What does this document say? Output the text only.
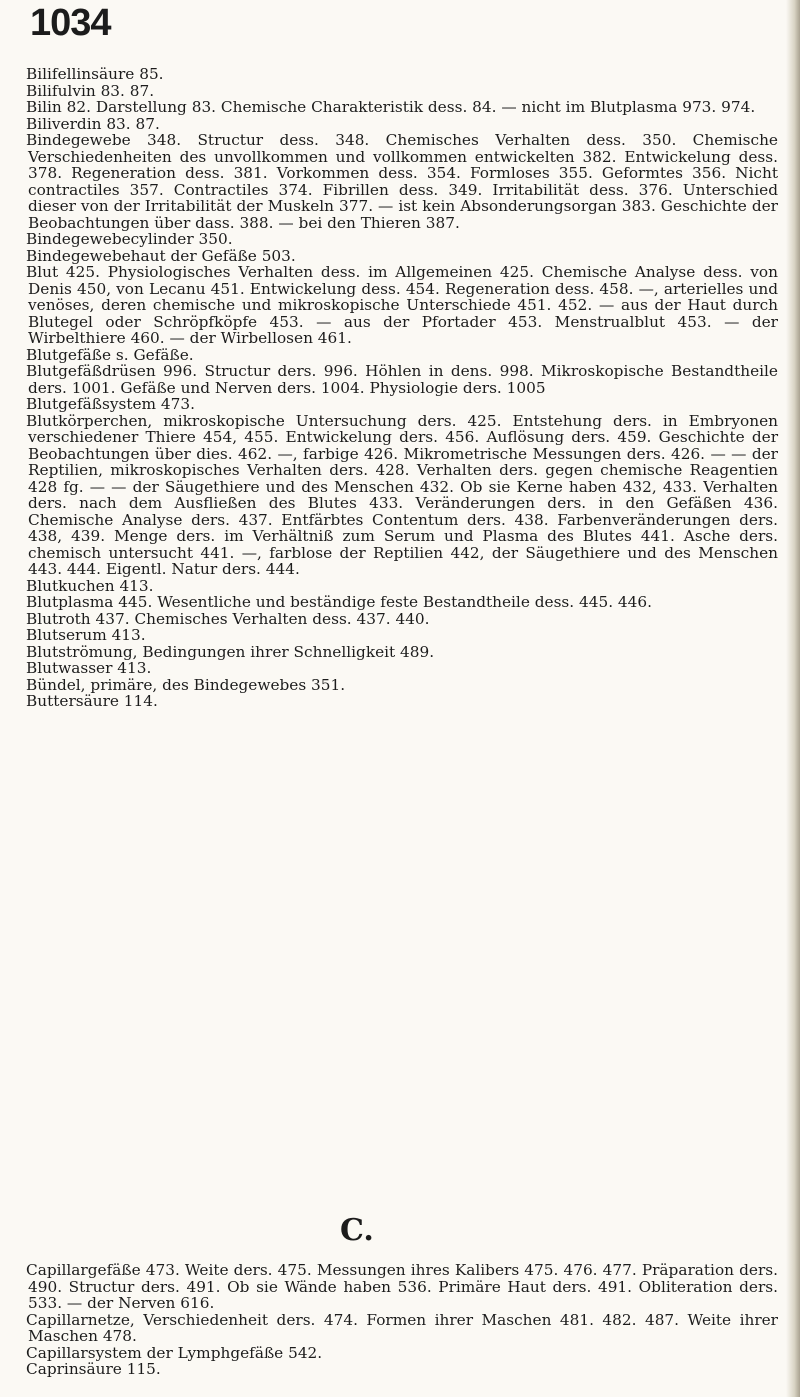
1034
Bilifellinsäure 85.
Bilifulvin 83. 87.
Bilin 82. Darstellung 83. Chemische Charakteristik dess. 84. — nicht im Blutplasma 973. 974.
Biliverdin 83. 87.
Bindegewebe 348. Structur dess. 348. Chemisches Verhalten dess. 350. Chemische Verschiedenheiten des unvollkommen und vollkommen entwickelten 382. Entwickelung dess. 378. Regeneration dess. 381. Vorkommen dess. 354. Formloses 355. Geformtes 356. Nicht contractiles 357. Contractiles 374. Fibrillen dess. 349. Irritabilität dess. 376. Unterschied dieser von der Irritabilität der Muskeln 377. — ist kein Absonderungsorgan 383. Geschichte der Beobachtungen über dass. 388. — bei den Thieren 387.
Bindegewebecylinder 350.
Bindegewebehaut der Gefäße 503.
Blut 425. Physiologisches Verhalten dess. im Allgemeinen 425. Chemische Analyse dess. von Denis 450, von Lecanu 451. Entwickelung dess. 454. Regeneration dess. 458. —, arterielles und venöses, deren chemische und mikroskopische Unterschiede 451. 452. — aus der Haut durch Blutegel oder Schröpfköpfe 453. — aus der Pfortader 453. Menstrualblut 453. — der Wirbelthiere 460. — der Wirbellosen 461.
Blutgefäße s. Gefäße.
Blutgefäßdrüsen 996. Structur ders. 996. Höhlen in dens. 998. Mikroskopische Bestandtheile ders. 1001. Gefäße und Nerven ders. 1004. Physiologie ders. 1005
Blutgefäßsystem 473.
Blutkörperchen, mikroskopische Untersuchung ders. 425. Entstehung ders. in Embryonen verschiedener Thiere 454, 455. Entwickelung ders. 456. Auflösung ders. 459. Geschichte der Beobachtungen über dies. 462. —, farbige 426. Mikrometrische Messungen ders. 426. — — der Reptilien, mikroskopisches Verhalten ders. 428. Verhalten ders. gegen chemische Reagentien 428 fg. — — der Säugethiere und des Menschen 432. Ob sie Kerne haben 432, 433. Verhalten ders. nach dem Ausfließen des Blutes 433. Veränderungen ders. in den Gefäßen 436. Chemische Analyse ders. 437. Entfärbtes Contentum ders. 438. Farbenveränderungen ders. 438, 439. Menge ders. im Verhältniß zum Serum und Plasma des Blutes 441. Asche ders. chemisch untersucht 441. —, farblose der Reptilien 442, der Säugethiere und des Menschen 443. 444. Eigentl. Natur ders. 444.
Blutkuchen 413.
Blutplasma 445. Wesentliche und beständige feste Bestandtheile dess. 445. 446.
Blutroth 437. Chemisches Verhalten dess. 437. 440.
Blutserum 413.
Blutströmung, Bedingungen ihrer Schnelligkeit 489.
Blutwasser 413.
Bündel, primäre, des Bindegewebes 351.
Buttersäure 114.
C.
Capillargefäße 473. Weite ders. 475. Messungen ihres Kalibers 475. 476. 477. Präparation ders. 490. Structur ders. 491. Ob sie Wände haben 536. Primäre Haut ders. 491. Obliteration ders. 533. — der Nerven 616.
Capillarnetze, Verschiedenheit ders. 474. Formen ihrer Maschen 481. 482. 487. Weite ihrer Maschen 478.
Capillarsystem der Lymphgefäße 542.
Caprinsäure 115.
